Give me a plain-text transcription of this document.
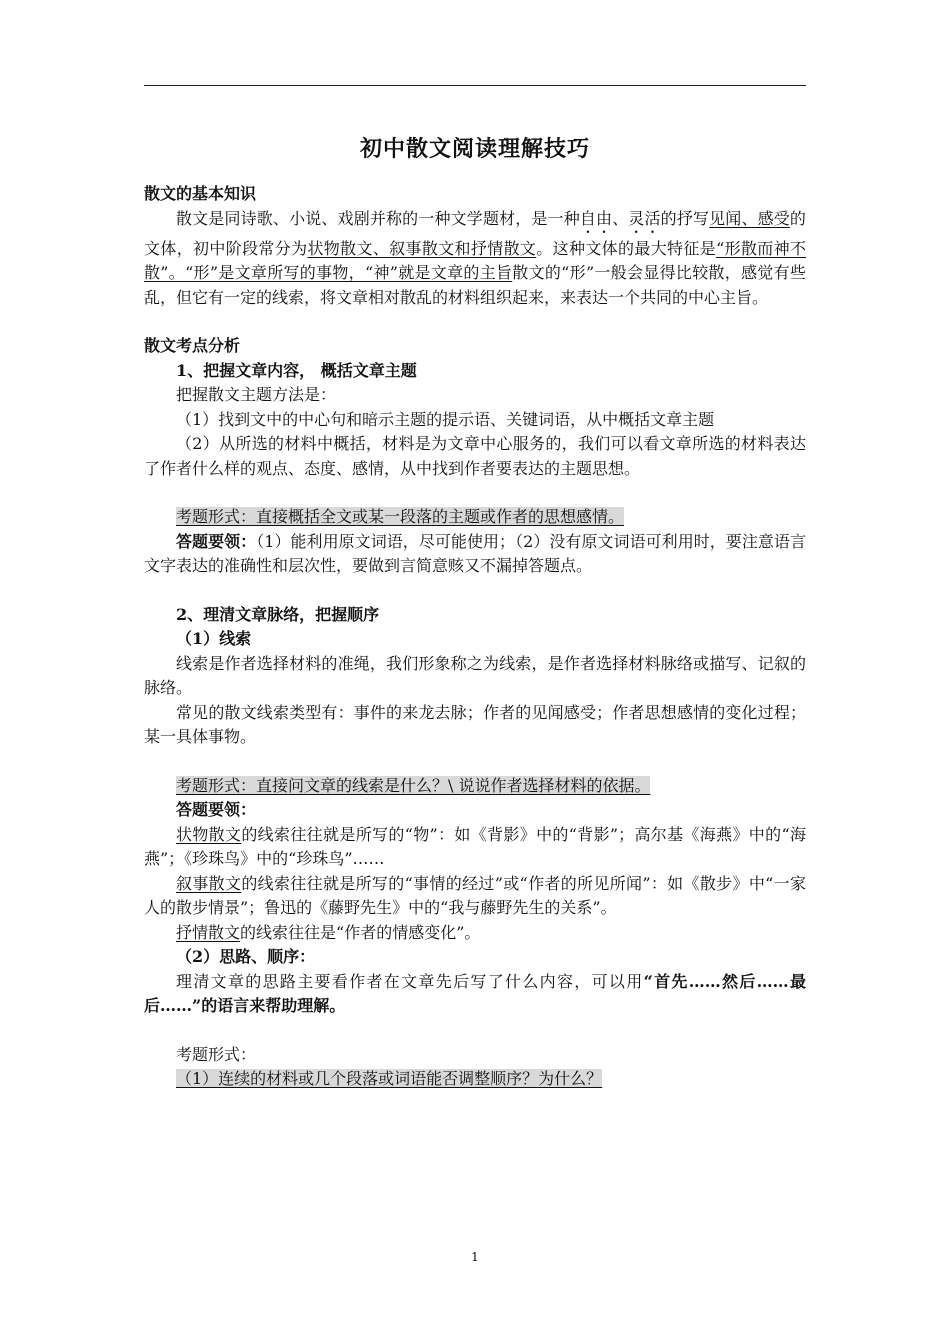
初中散文阅读理解技巧
散文的基本知识

散文是同诗歌、小说、戏剧并称的一种文学题材，是一种自由、灵活的抒写见闻、感受的文体，初中阶段常分为状物散文、叙事散文和抒情散文。这种文体的最大特征是“形散而神不散”。“形”是文章所写的事物，“神”就是文章的主旨散文的“形”一般会显得比较散，感觉有些乱，但它有一定的线索，将文章相对散乱的材料组织起来，来表达一个共同的中心主旨。

散文考点分析
1、把握文章内容， 概括文章主题

把握散文主题方法是：

（1）找到文中的中心句和暗示主题的提示语、关键词语，从中概括文章主题

（2）从所选的材料中概括，材料是为文章中心服务的，我们可以看文章所选的材料表达了作者什么样的观点、态度、感情，从中找到作者要表达的主题思想。

考题形式：直接概括全文或某一段落的主题或作者的思想感情。

答题要领：（1）能利用原文词语，尽可能使用；（2）没有原文词语可利用时，要注意语言文字表达的准确性和层次性，要做到言简意赅又不漏掉答题点。

2、理清文章脉络，把握顺序
（1）线索

线索是作者选择材料的准绳，我们形象称之为线索，是作者选择材料脉络或描写、记叙的脉络。

常见的散文线索类型有：事件的来龙去脉；作者的见闻感受；作者思想感情的变化过程；某一具体事物。

考题形式：直接问文章的线索是什么？\ 说说作者选择材料的依据。

答题要领：

状物散文的线索往往就是所写的“物”：如《背影》中的“背影”；高尔基《海燕》中的“海燕”；《珍珠鸟》中的“珍珠鸟”……

叙事散文的线索往往就是所写的“事情的经过”或“作者的所见所闻”：如《散步》中“一家人的散步情景”；鲁迅的《藤野先生》中的“我与藤野先生的关系”。

抒情散文的线索往往是“作者的情感变化”。

（2）思路、顺序：

理清文章的思路主要看作者在文章先后写了什么内容，可以用“首先……然后……最后……”的语言来帮助理解。

考题形式：

（1）连续的材料或几个段落或词语能否调整顺序？为什么？

1
